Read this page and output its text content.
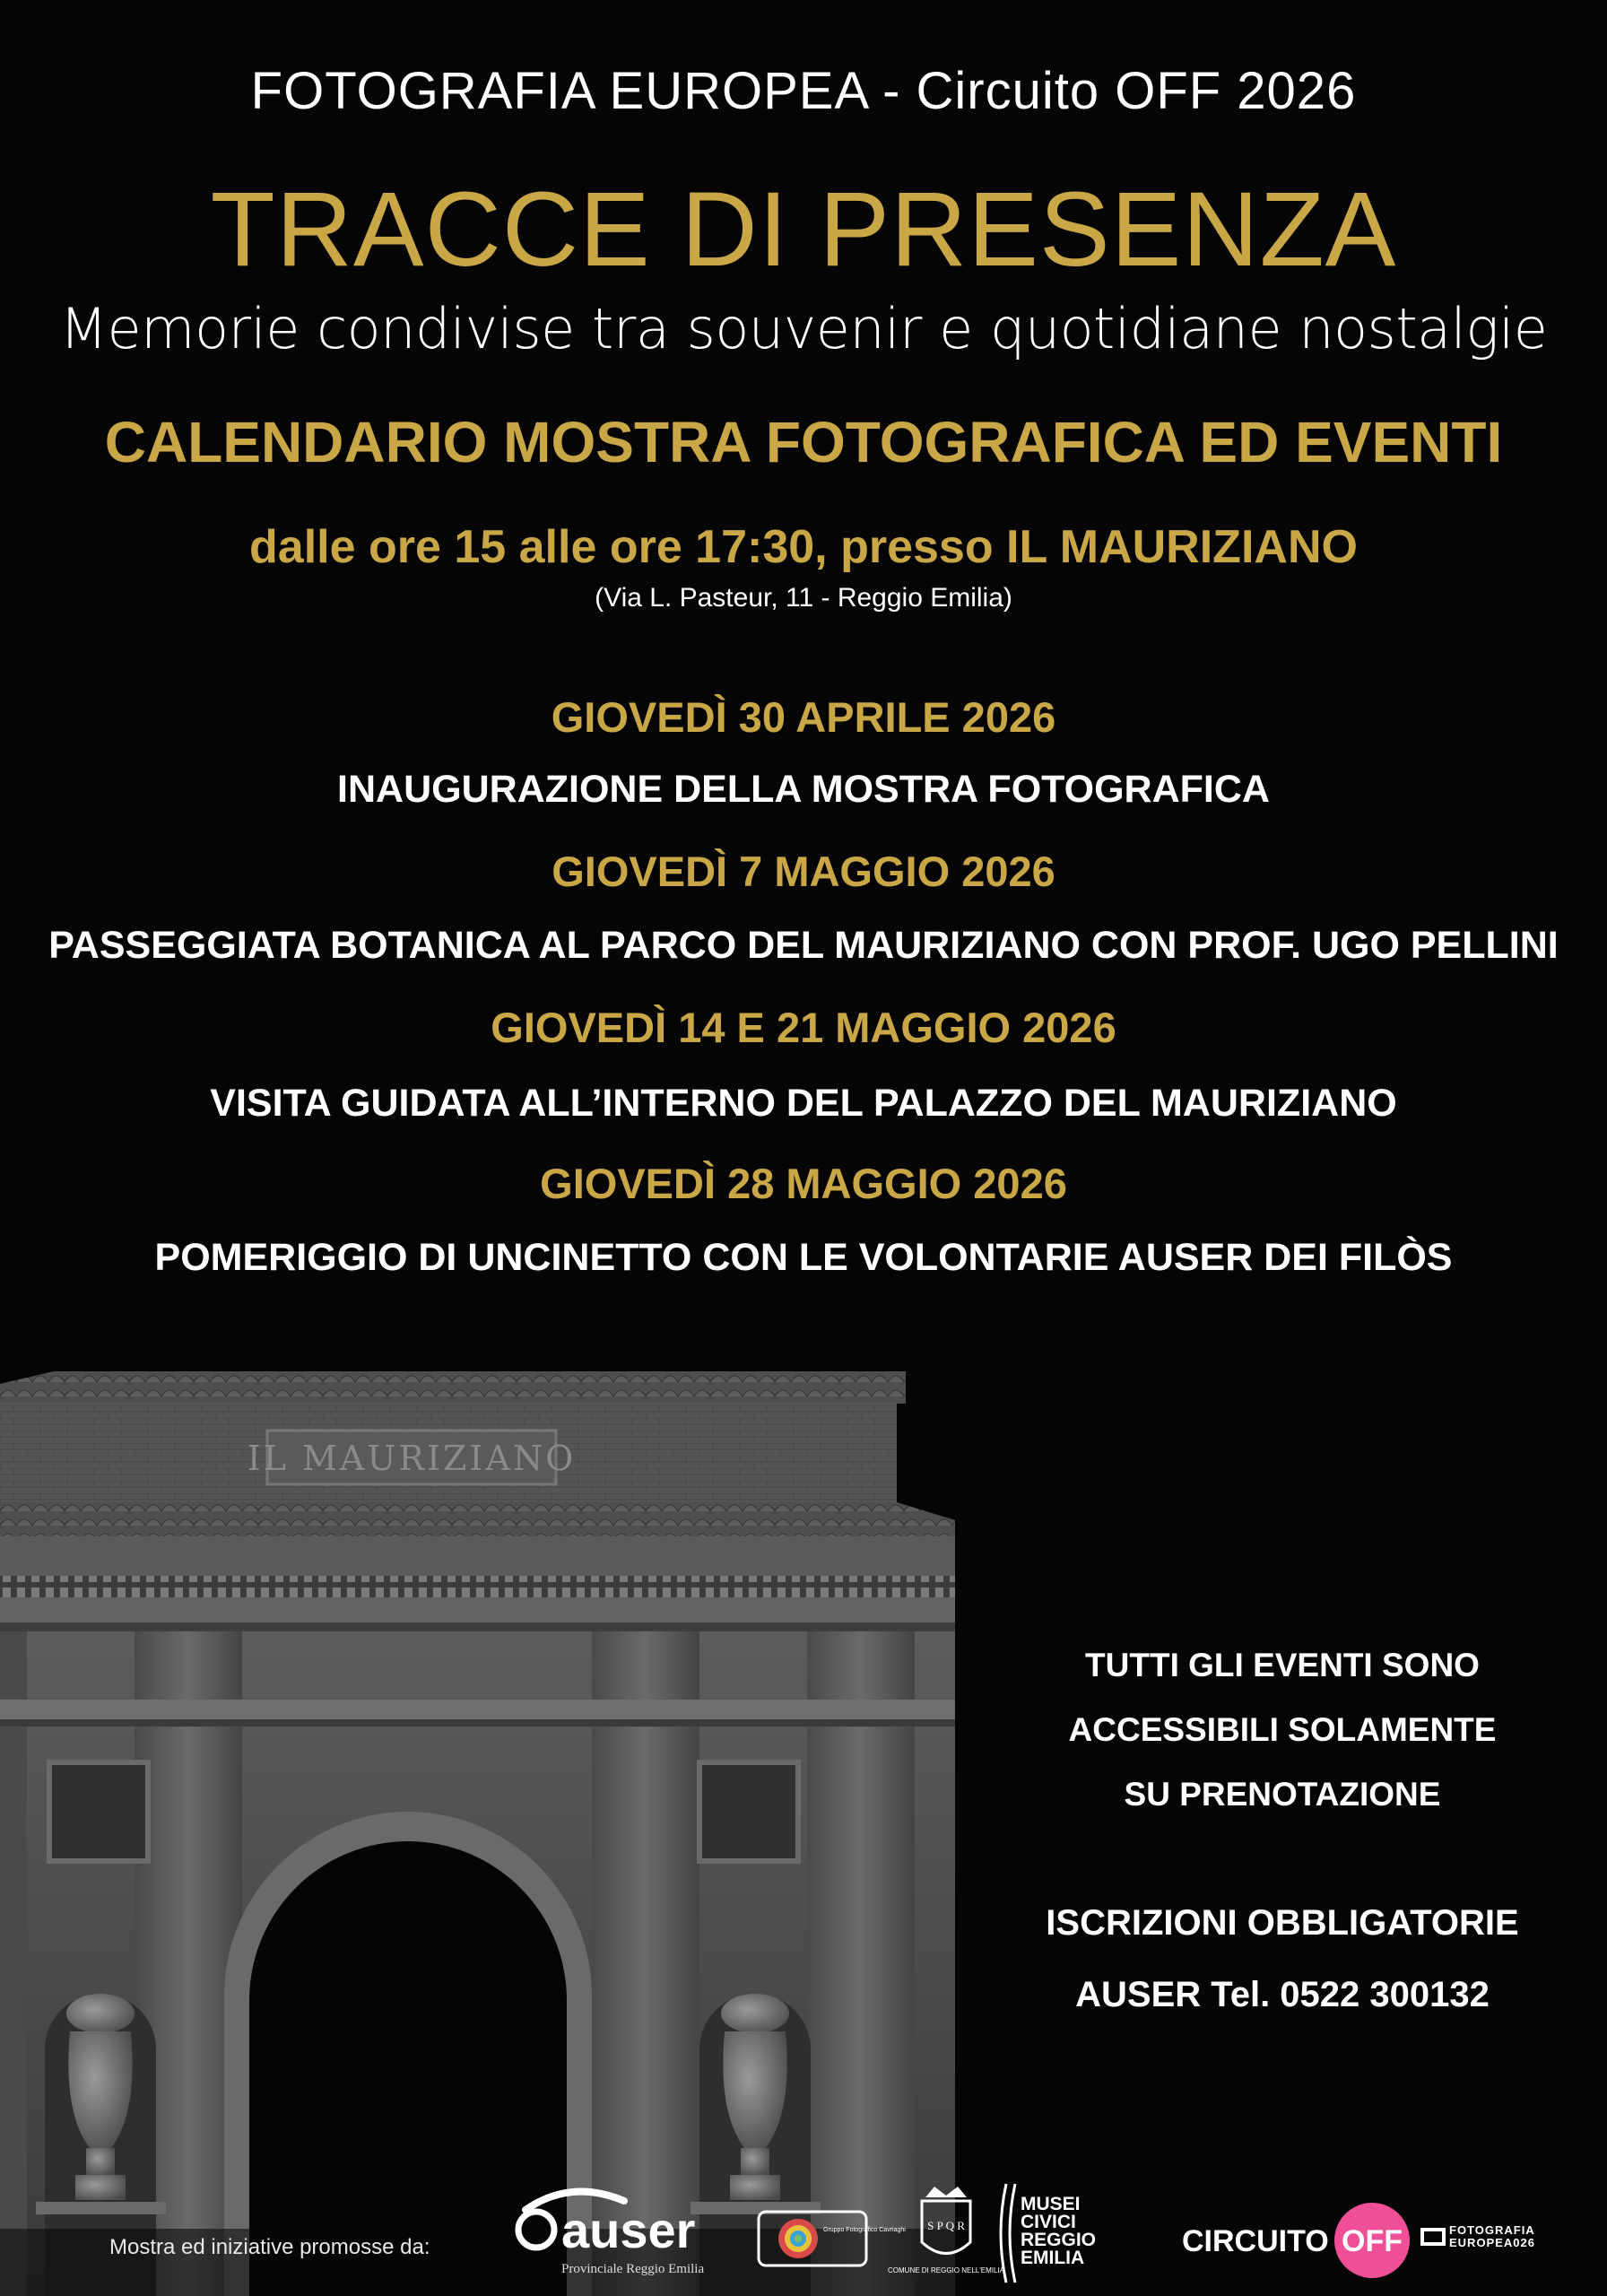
FOTOGRAFIA EUROPEA - Circuito OFF 2026
TRACCE DI PRESENZA
Memorie condivise tra souvenir e quotidiane nostalgie
CALENDARIO MOSTRA FOTOGRAFICA ED EVENTI
dalle ore 15 alle ore 17:30, presso IL MAURIZIANO
(Via L. Pasteur, 11 - Reggio Emilia)
GIOVEDÌ 30 APRILE 2026
INAUGURAZIONE DELLA MOSTRA FOTOGRAFICA
GIOVEDÌ 7 MAGGIO 2026
PASSEGGIATA BOTANICA AL PARCO DEL MAURIZIANO CON PROF. UGO PELLINI
GIOVEDÌ 14 E 21 MAGGIO 2026
VISITA GUIDATA ALL’INTERNO DEL PALAZZO DEL MAURIZIANO
GIOVEDÌ 28 MAGGIO 2026
POMERIGGIO DI UNCINETTO CON LE VOLONTARIE AUSER DEI FILÒS
IL MAURIZIANO
TUTTI GLI EVENTI SONO
ACCESSIBILI SOLAMENTE
SU PRENOTAZIONE
ISCRIZIONI OBBLIGATORIE
AUSER Tel. 0522 300132
Mostra ed iniziative promosse da:	auser
Provinciale Reggio Emilia
Gruppo Fotografico Cavriaghi S P Q R
COMUNE DI REGGIO NELL'EMILIA
MUSEI CIVICI REGGIO EMILIA	CIRCUITO OFF	FOTOGRAFIA EUROPEA026
